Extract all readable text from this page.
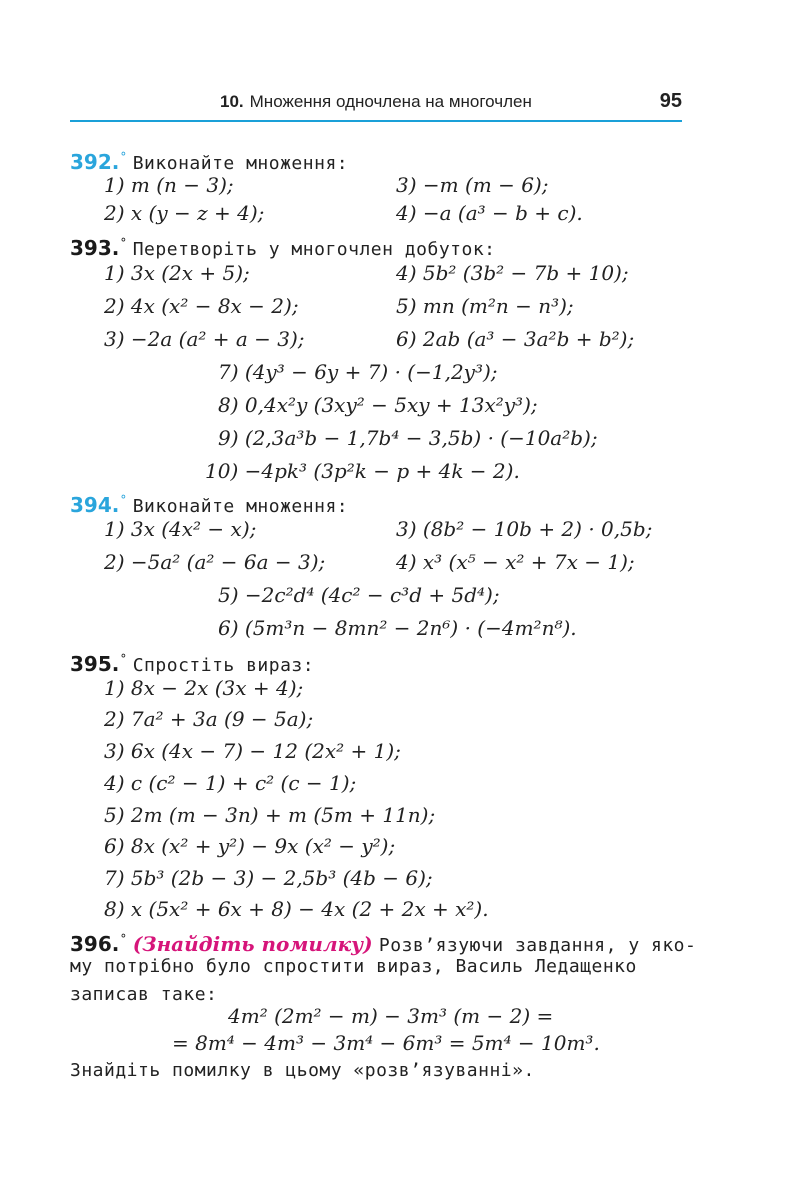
10. Множення одночлена на многочлен	95
392.° Виконайте множення:
1) m (n − 3);	3) −m (m − 6);
2) x (y − z + 4);	4) −a (a³ − b + c).
393.° Перетворіть у многочлен добуток:
1) 3x (2x + 5);	4) 5b² (3b² − 7b + 10);
2) 4x (x² − 8x − 2);	5) mn (m²n − n³);
3) −2a (a² + a − 3);	6) 2ab (a³ − 3a²b + b²);
7) (4y³ − 6y + 7) · (−1,2y³);
8) 0,4x²y (3xy² − 5xy + 13x²y³);
9) (2,3a³b − 1,7b⁴ − 3,5b) · (−10a²b);
10) −4pk³ (3p²k − p + 4k − 2).
394.° Виконайте множення:
1) 3x (4x² − x);	3) (8b² − 10b + 2) · 0,5b;
2) −5a² (a² − 6a − 3);	4) x³ (x⁵ − x² + 7x − 1);
5) −2c²d⁴ (4c² − c³d + 5d⁴);
6) (5m³n − 8mn² − 2n⁶) · (−4m²n⁸).
395.° Спростіть вираз:
1) 8x − 2x (3x + 4);
2) 7a² + 3a (9 − 5a);
3) 6x (4x − 7) − 12 (2x² + 1);
4) c (c² − 1) + c² (c − 1);
5) 2m (m − 3n) + m (5m + 11n);
6) 8x (x² + y²) − 9x (x² − y²);
7) 5b³ (2b − 3) − 2,5b³ (4b − 6);
8) x (5x² + 6x + 8) − 4x (2 + 2x + x²).
396.° (Знайдіть помилку) Розв’язуючи завдання, у яко-
му потрібно було спростити вираз, Василь Ледащенко
записав таке:
4m² (2m² − m) − 3m³ (m − 2) =
= 8m⁴ − 4m³ − 3m⁴ − 6m³ = 5m⁴ − 10m³.
Знайдіть помилку в цьому «розв’язуванні».
